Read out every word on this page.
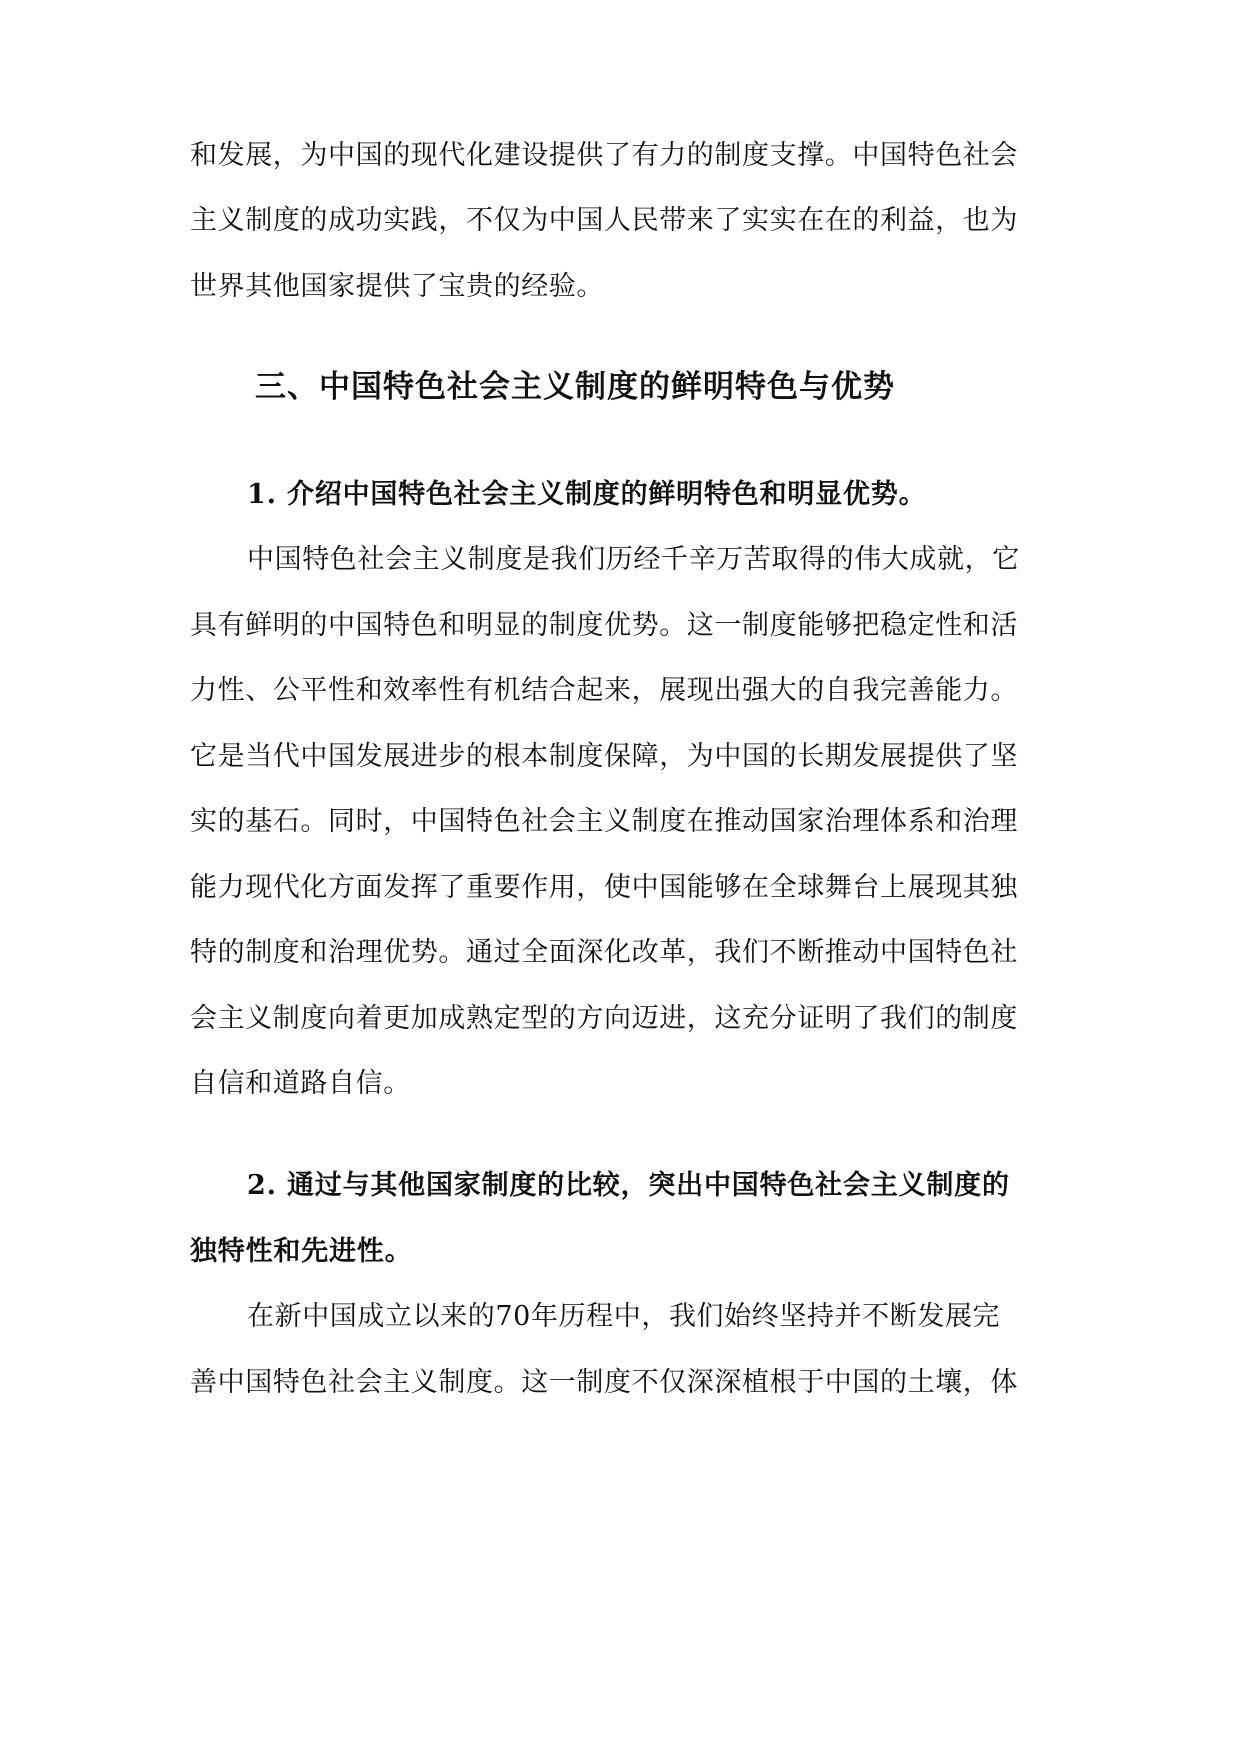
和发展，为中国的现代化建设提供了有力的制度支撑。中国特色社会
主义制度的成功实践，不仅为中国人民带来了实实在在的利益，也为
世界其他国家提供了宝贵的经验。
三、中国特色社会主义制度的鲜明特色与优势
1. 介绍中国特色社会主义制度的鲜明特色和明显优势。
中国特色社会主义制度是我们历经千辛万苦取得的伟大成就，它
具有鲜明的中国特色和明显的制度优势。这一制度能够把稳定性和活
力性、公平性和效率性有机结合起来，展现出强大的自我完善能力。
它是当代中国发展进步的根本制度保障，为中国的长期发展提供了坚
实的基石。同时，中国特色社会主义制度在推动国家治理体系和治理
能力现代化方面发挥了重要作用，使中国能够在全球舞台上展现其独
特的制度和治理优势。通过全面深化改革，我们不断推动中国特色社
会主义制度向着更加成熟定型的方向迈进，这充分证明了我们的制度
自信和道路自信。
2. 通过与其他国家制度的比较，突出中国特色社会主义制度的
独特性和先进性。
在新中国成立以来的70年历程中，我们始终坚持并不断发展完
善中国特色社会主义制度。这一制度不仅深深植根于中国的土壤，体
